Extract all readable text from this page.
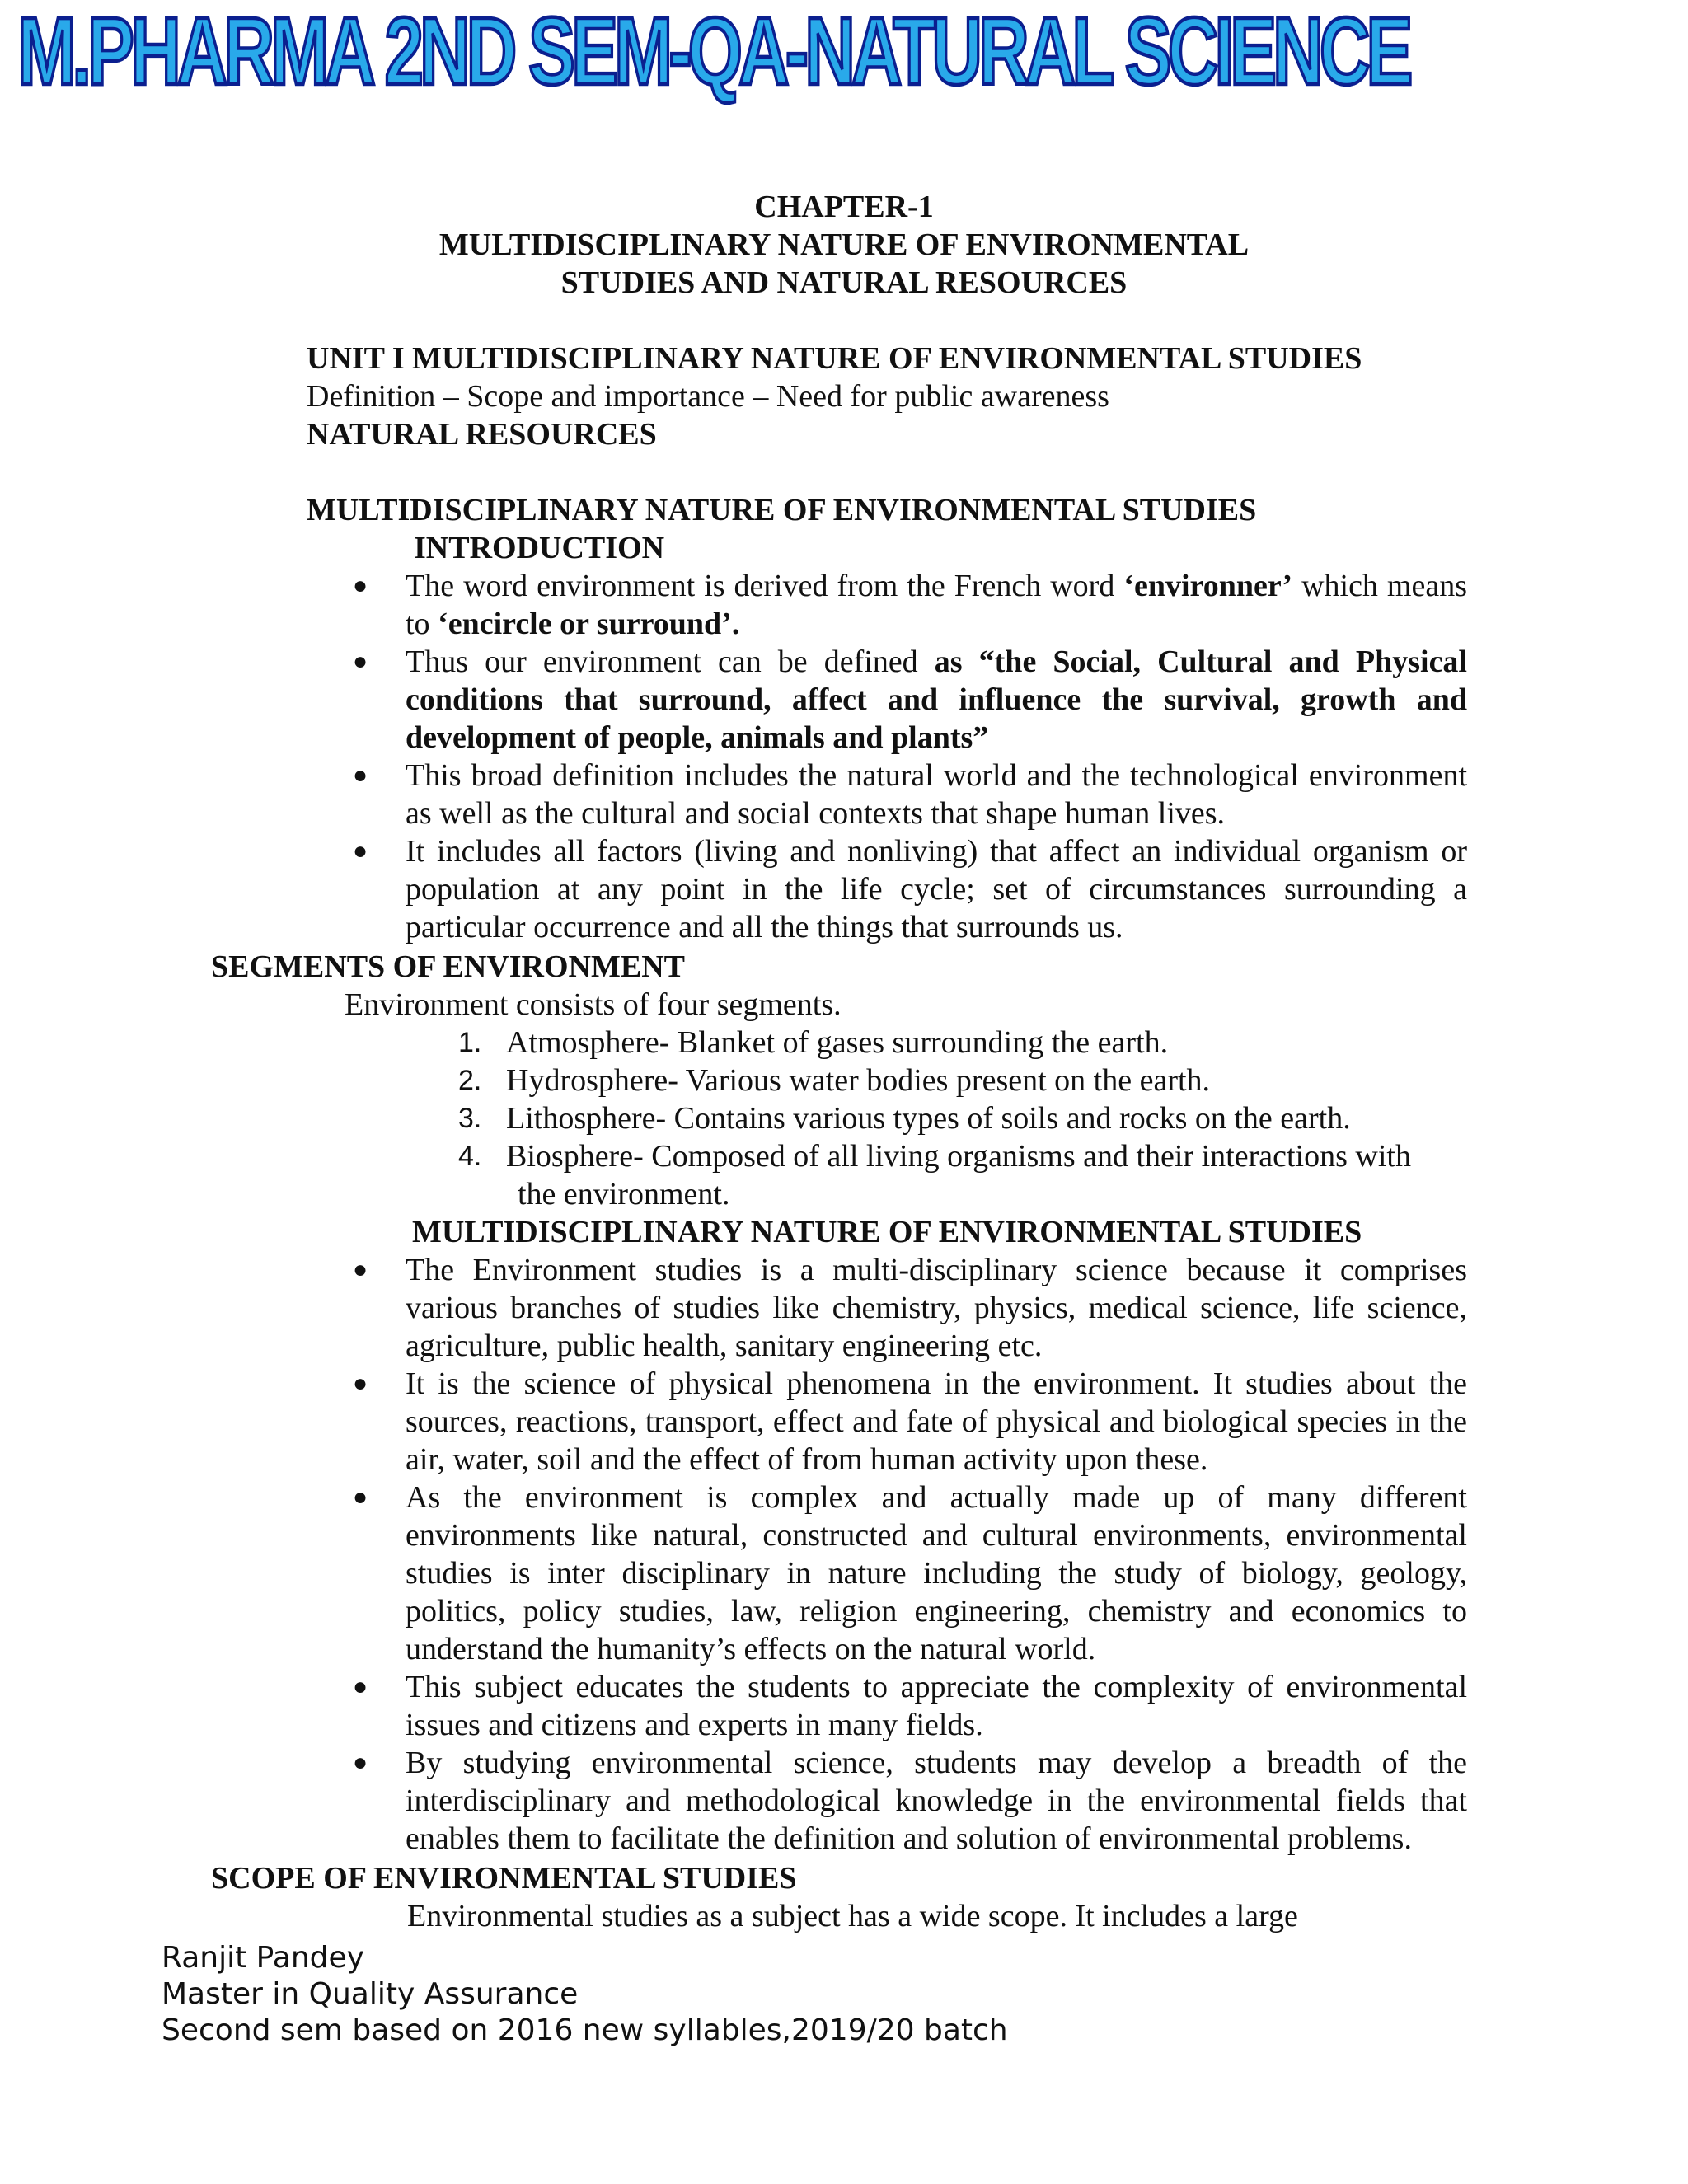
M.PHARMA 2ND SEM-QA-NATURAL SCIENCE
CHAPTER-1
MULTIDISCIPLINARY NATURE OF ENVIRONMENTAL
STUDIES AND NATURAL RESOURCES
UNIT I MULTIDISCIPLINARY NATURE OF ENVIRONMENTAL STUDIES
Definition – Scope and importance – Need for public awareness
NATURAL RESOURCES
MULTIDISCIPLINARY NATURE OF ENVIRONMENTAL STUDIES
INTRODUCTION
● The word environment is derived from the French word ‘environner’ which means to ‘encircle or surround’.
● Thus our environment can be defined as “the Social, Cultural and Physical conditions that surround, affect and influence the survival, growth and development of people, animals and plants”
● This broad definition includes the natural world and the technological environment as well as the cultural and social contexts that shape human lives.
● It includes all factors (living and nonliving) that affect an individual organism or population at any point in the life cycle; set of circumstances surrounding a particular occurrence and all the things that surrounds us.
SEGMENTS OF ENVIRONMENT
Environment consists of four segments.
1. Atmosphere- Blanket of gases surrounding the earth.
2. Hydrosphere- Various water bodies present on the earth.
3. Lithosphere- Contains various types of soils and rocks on the earth.
4. Biosphere- Composed of all living organisms and their interactions with
the environment.
MULTIDISCIPLINARY NATURE OF ENVIRONMENTAL STUDIES
● The Environment studies is a multi-disciplinary science because it comprises various branches of studies like chemistry, physics, medical science, life science, agriculture, public health, sanitary engineering etc.
● It is the science of physical phenomena in the environment. It studies about the sources, reactions, transport, effect and fate of physical and biological species in the air, water, soil and the effect of from human activity upon these.
● As the environment is complex and actually made up of many different environments like natural, constructed and cultural environments, environmental studies is inter disciplinary in nature including the study of biology, geology, politics, policy studies, law, religion engineering, chemistry and economics to understand the humanity’s effects on the natural world.
● This subject educates the students to appreciate the complexity of environmental issues and citizens and experts in many fields.
● By studying environmental science, students may develop a breadth of the interdisciplinary and methodological knowledge in the environmental fields that enables them to facilitate the definition and solution of environmental problems.
SCOPE OF ENVIRONMENTAL STUDIES
Environmental studies as a subject has a wide scope. It includes a large
Ranjit Pandey
Master in Quality Assurance
Second sem based on 2016 new syllables,2019/20 batch
